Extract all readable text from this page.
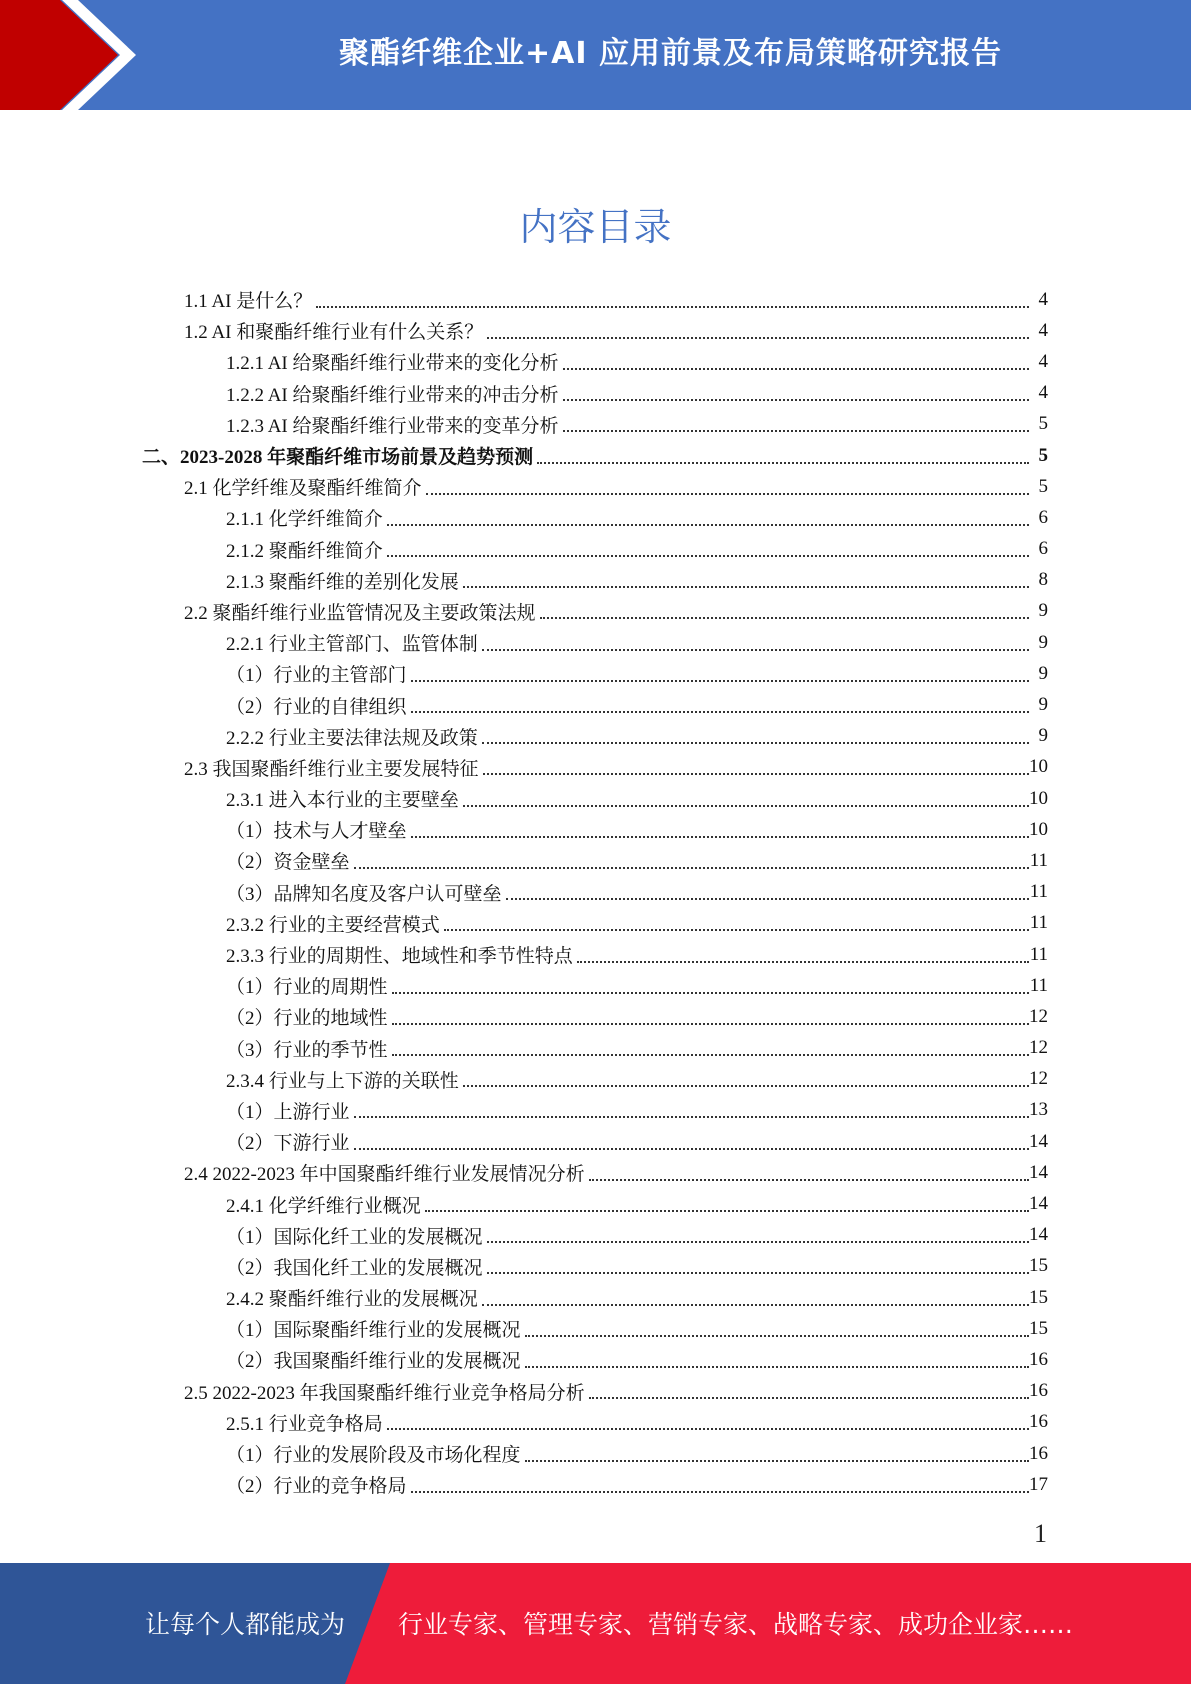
聚酯纤维企业+AI 应用前景及布局策略研究报告
内容目录
1.1 AI 是什么？	4
1.2 AI 和聚酯纤维行业有什么关系？	4
1.2.1 AI 给聚酯纤维行业带来的变化分析	4
1.2.2 AI 给聚酯纤维行业带来的冲击分析	4
1.2.3 AI 给聚酯纤维行业带来的变革分析	5
二、2023-2028 年聚酯纤维市场前景及趋势预测	5
2.1 化学纤维及聚酯纤维简介	5
2.1.1 化学纤维简介	6
2.1.2 聚酯纤维简介	6
2.1.3 聚酯纤维的差别化发展	8
2.2 聚酯纤维行业监管情况及主要政策法规	9
2.2.1 行业主管部门、监管体制	9
（1）行业的主管部门	9
（2）行业的自律组织	9
2.2.2 行业主要法律法规及政策	9
2.3 我国聚酯纤维行业主要发展特征	10
2.3.1 进入本行业的主要壁垒	10
（1）技术与人才壁垒	10
（2）资金壁垒	11
（3）品牌知名度及客户认可壁垒	11
2.3.2 行业的主要经营模式	11
2.3.3 行业的周期性、地域性和季节性特点	11
（1）行业的周期性	11
（2）行业的地域性	12
（3）行业的季节性	12
2.3.4 行业与上下游的关联性	12
（1）上游行业	13
（2）下游行业	14
2.4 2022-2023 年中国聚酯纤维行业发展情况分析	14
2.4.1 化学纤维行业概况	14
（1）国际化纤工业的发展概况	14
（2）我国化纤工业的发展概况	15
2.4.2 聚酯纤维行业的发展概况	15
（1）国际聚酯纤维行业的发展概况	15
（2）我国聚酯纤维行业的发展概况	16
2.5 2022-2023 年我国聚酯纤维行业竞争格局分析	16
2.5.1 行业竞争格局	16
（1）行业的发展阶段及市场化程度	16
（2）行业的竞争格局	17
1
让每个人都能成为 行业专家、管理专家、营销专家、战略专家、成功企业家……
